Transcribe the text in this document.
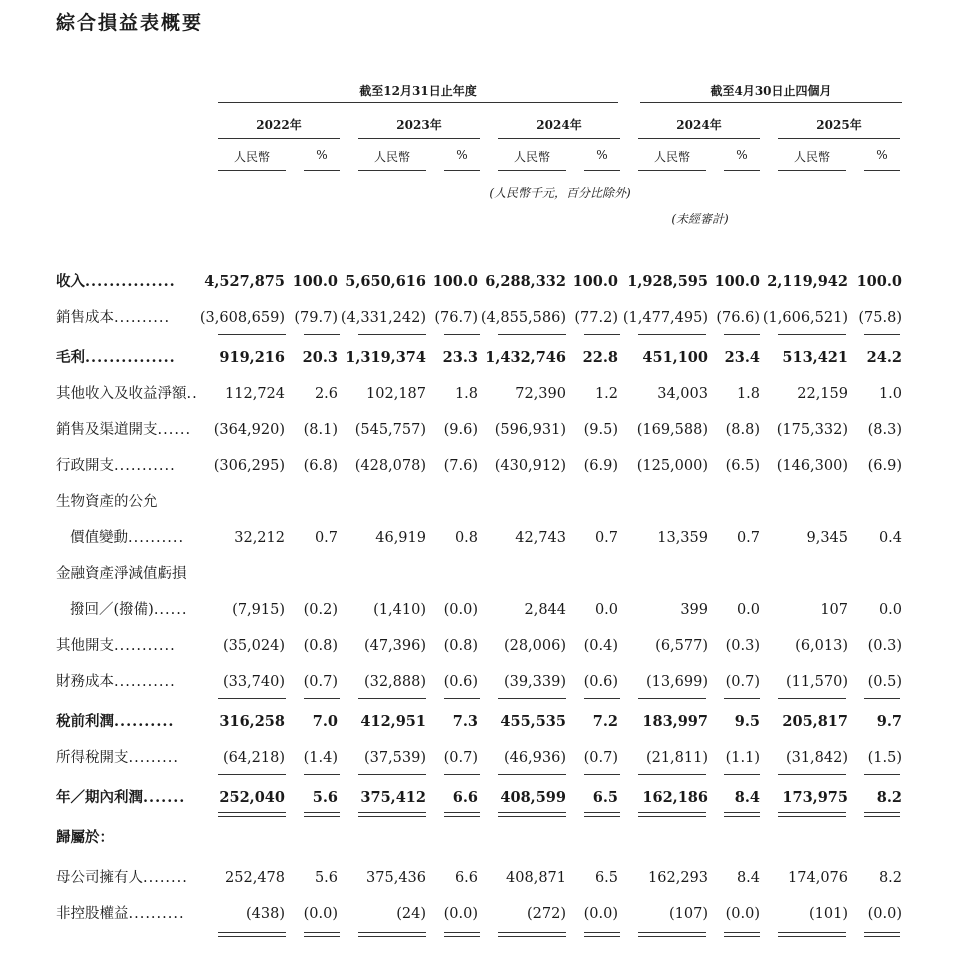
綜合損益表概要
截至12月31日止年度	截至4月30日止四個月
2022年	2023年	2024年	2024年	2025年
人民幣	%	人民幣	%	人民幣	%	人民幣	%	人民幣	%
(人民幣千元，百分比除外)
(未經審計)
收入...............	4,527,875 100.0 5,650,616 100.0 6,288,332 100.0 1,928,595 100.0 2,119,942 100.0
銷售成本..........	(3,608,659) (79.7) (4,331,242) (76.7) (4,855,586) (77.2) (1,477,495) (76.6) (1,606,521) (75.8)
毛利...............	919,216	20.3 1,319,374	23.3 1,432,746	22.8	451,100	23.4	513,421	24.2
其他收入及收益淨額..	112,724	2.6	102,187	1.8	72,390	1.2	34,003	1.8	22,159	1.0
銷售及渠道開支......	(364,920)	(8.1)	(545,757)	(9.6)	(596,931)	(9.5)	(169,588)	(8.8)	(175,332)	(8.3)
行政開支...........	(306,295)	(6.8)	(428,078)	(7.6)	(430,912)	(6.9)	(125,000)	(6.5)	(146,300)	(6.9)
生物資產的公允
價值變動..........	32,212	0.7	46,919	0.8	42,743	0.7	13,359	0.7	9,345	0.4
金融資產淨減值虧損
撥回／(撥備)......	(7,915)	(0.2)	(1,410)	(0.0)	2,844	0.0	399	0.0	107	0.0
其他開支...........	(35,024)	(0.8)	(47,396)	(0.8)	(28,006)	(0.4)	(6,577)	(0.3)	(6,013)	(0.3)
財務成本...........	(33,740)	(0.7)	(32,888)	(0.6)	(39,339)	(0.6)	(13,699)	(0.7)	(11,570)	(0.5)
稅前利潤..........	316,258	7.0	412,951	7.3	455,535	7.2	183,997	9.5	205,817	9.7
所得稅開支.........	(64,218)	(1.4)	(37,539)	(0.7)	(46,936)	(0.7)	(21,811)	(1.1)	(31,842)	(1.5)
年／期內利潤.......	252,040	5.6	375,412	6.6	408,599	6.5	162,186	8.4	173,975	8.2
歸屬於：
母公司擁有人........	252,478	5.6	375,436	6.6	408,871	6.5	162,293	8.4	174,076	8.2
非控股權益..........	(438)	(0.0)	(24)	(0.0)	(272)	(0.0)	(107)	(0.0)	(101)	(0.0)
